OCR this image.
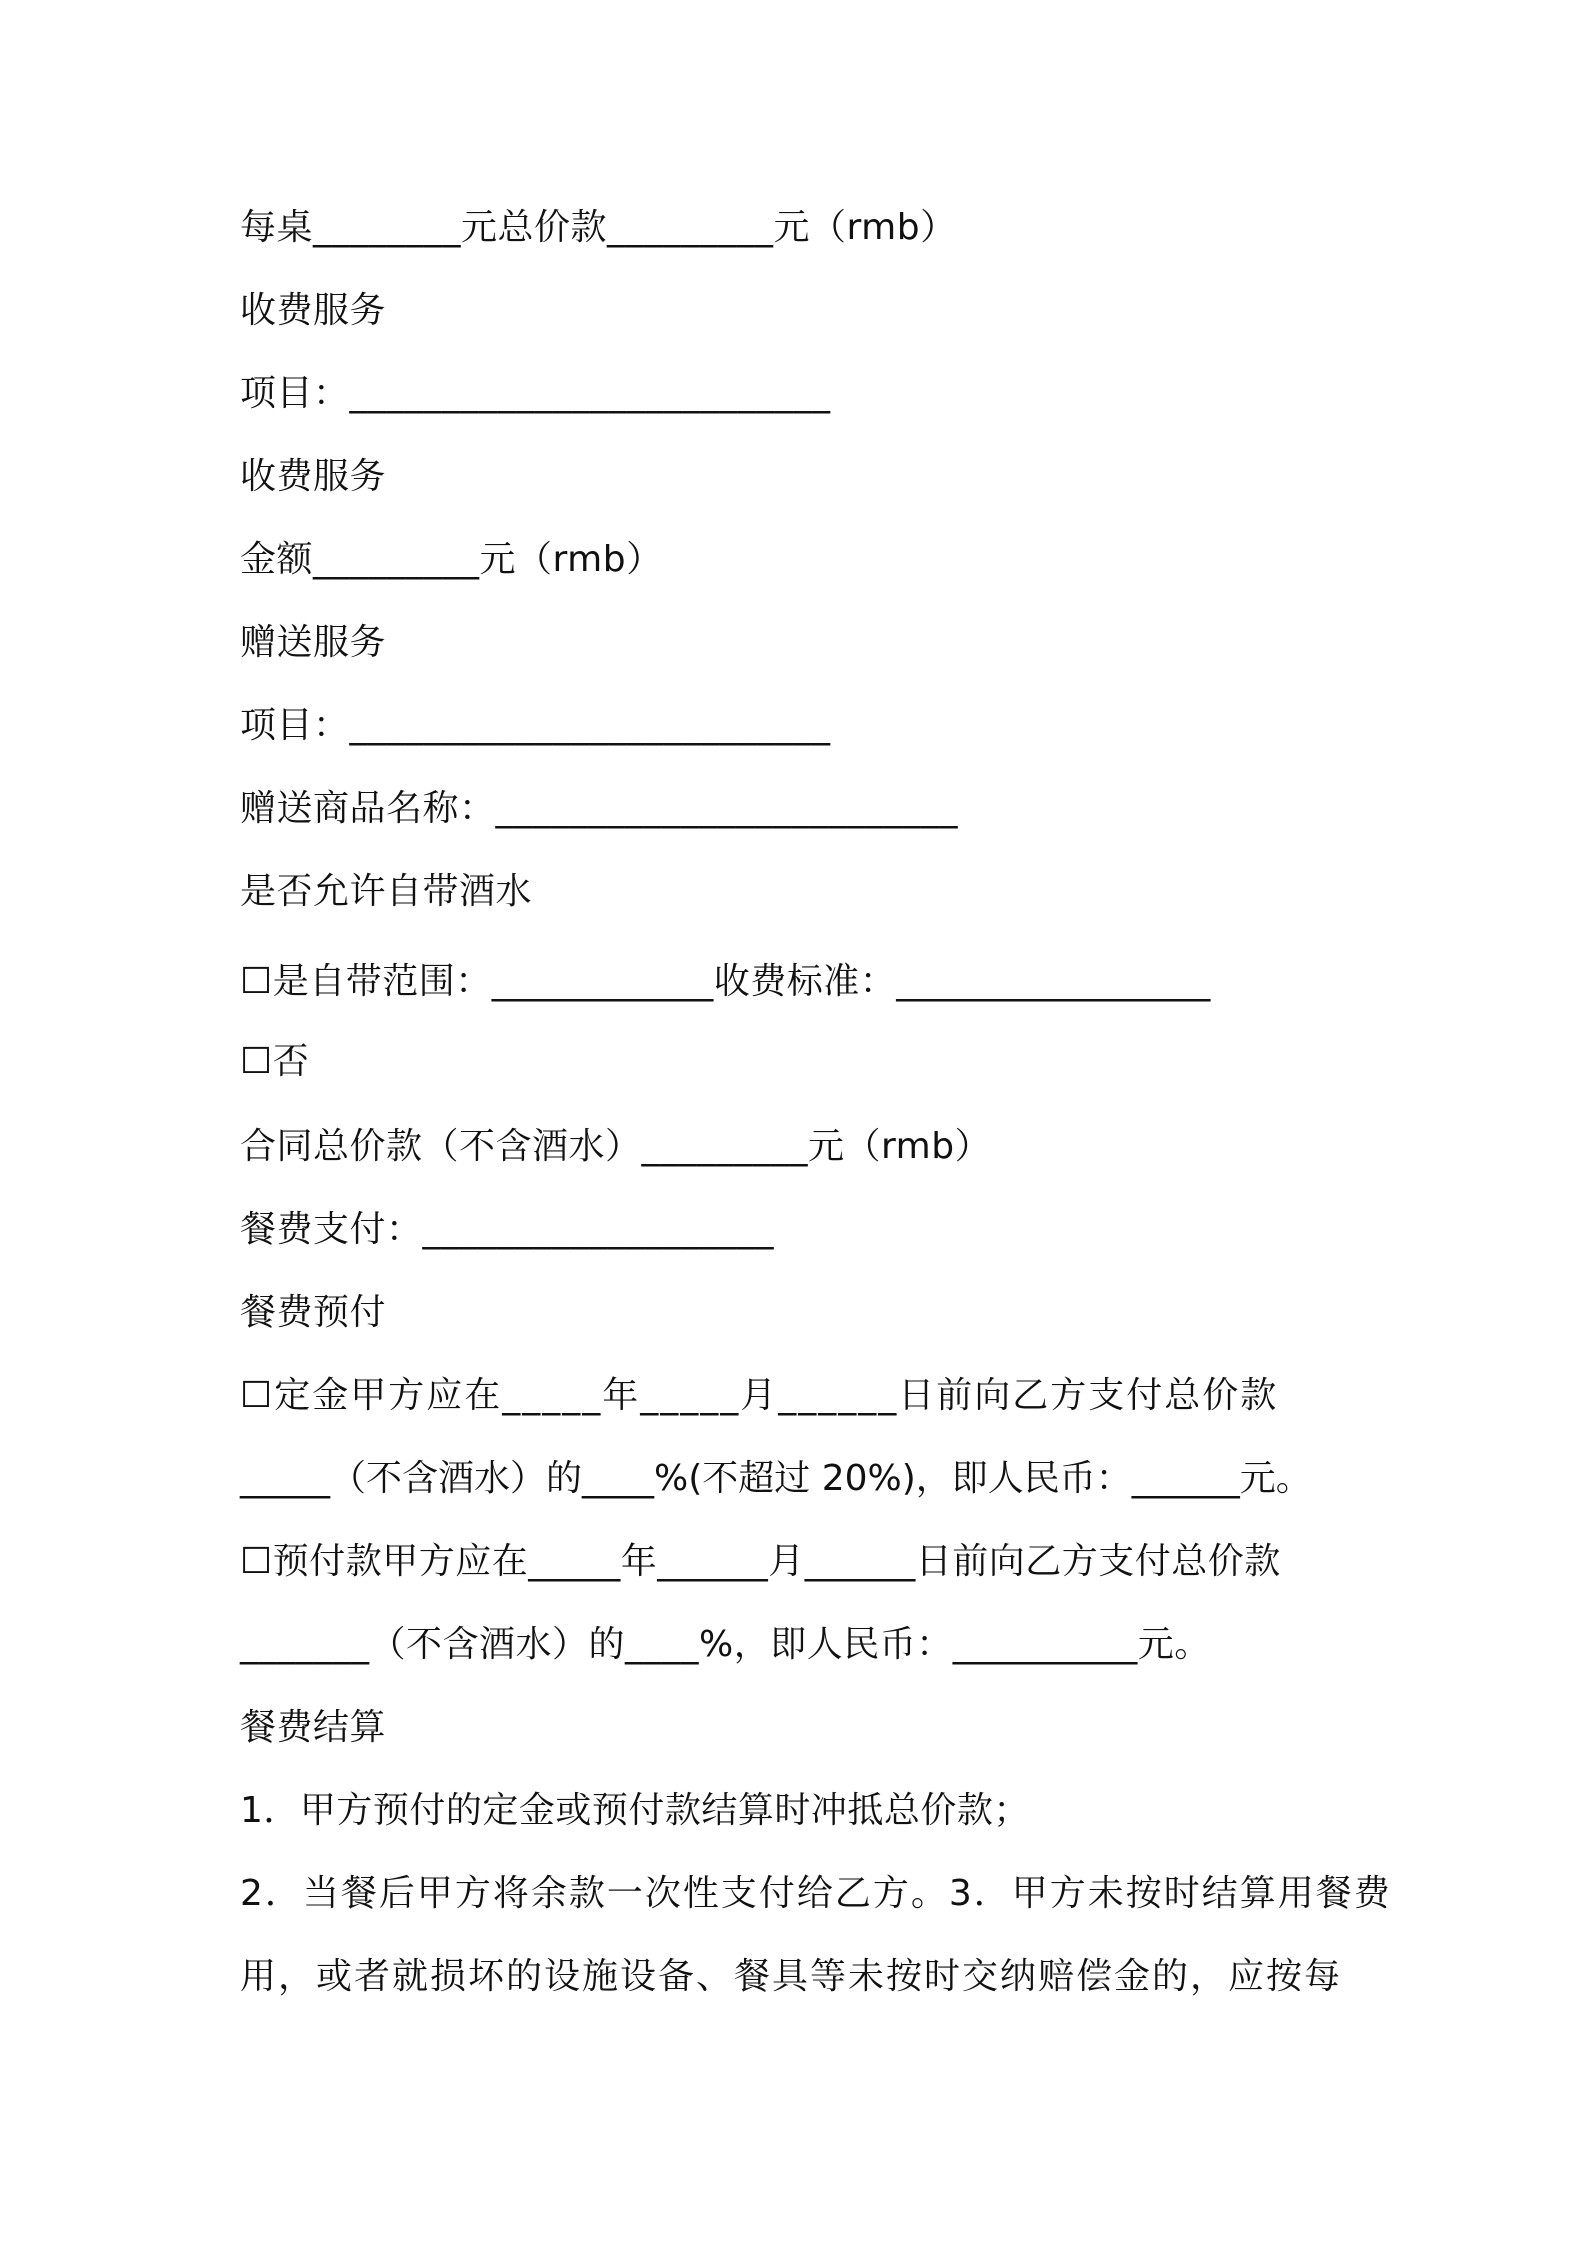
每桌________元总价款_________元（rmb）
收费服务
项目：__________________________
收费服务
金额_________元（rmb）
赠送服务
项目：__________________________
赠送商品名称：_________________________
是否允许自带酒水
☐是自带范围：____________收费标准：_________________
☐否
合同总价款（不含酒水）_________元（rmb）
餐费支付：___________________
餐费预付
☐定金甲方应在_____年_____月______日前向乙方支付总价款
_____（不含酒水）的____%(不超过 20%)，即人民币：______元。
☐预付款甲方应在_____年______月______日前向乙方支付总价款
_______（不含酒水）的____%，即人民币：__________元。
餐费结算
1．甲方预付的定金或预付款结算时冲抵总价款；
2．当餐后甲方将余款一次性支付给乙方。3．甲方未按时结算用餐费
用，或者就损坏的设施设备、餐具等未按时交纳赔偿金的，应按每
